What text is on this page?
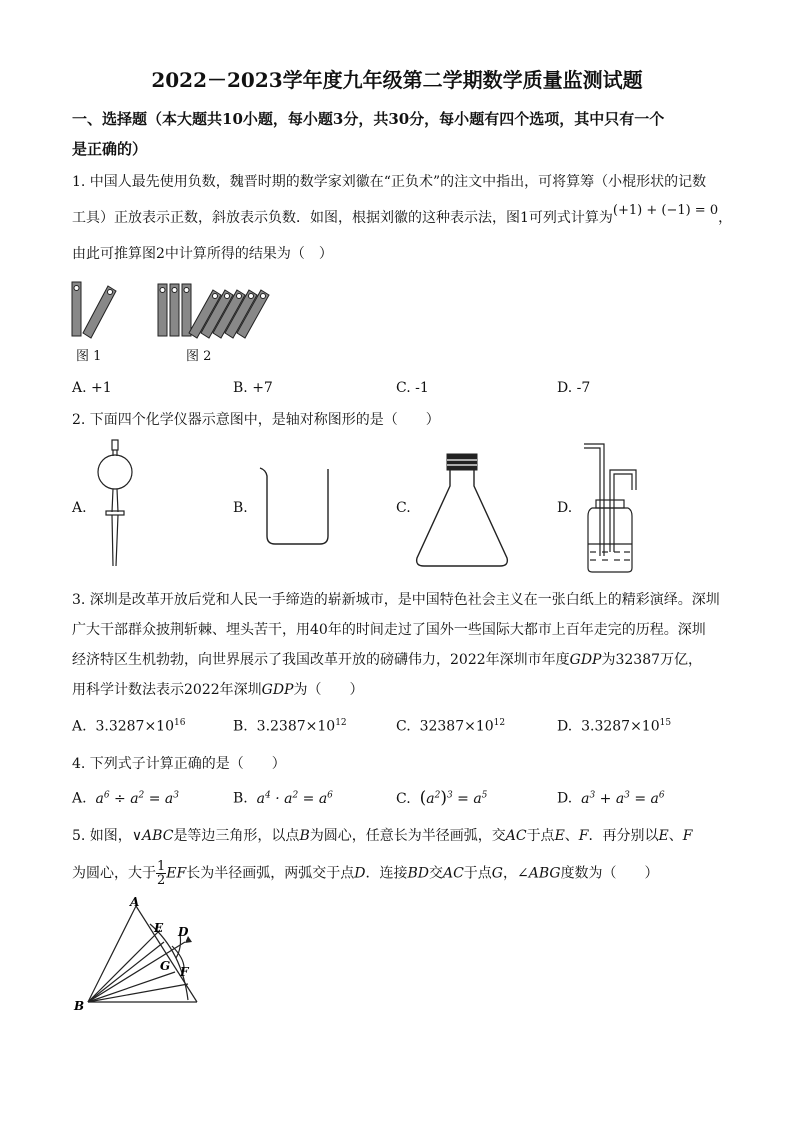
2022－2023学年度九年级第二学期数学质量监测试题
一、选择题（本大题共10小题，每小题3分，共30分，每小题有四个选项，其中只有一个
是正确的）
1. 中国人最先使用负数，魏晋时期的数学家刘徽在“正负术”的注文中指出，可将算筹（小棍形状的记数
工具）正放表示正数，斜放表示负数．如图，根据刘徽的这种表示法，图1可列式计算为(+1) + (−1) = 0，
由此可推算图2中计算所得的结果为（　）
图 1	图 2
A. +1	B. +7	C. -1	D. -7
2. 下面四个化学仪器示意图中，是轴对称图形的是（　　）
A.	B.	C.	D.
3. 深圳是改革开放后党和人民一手缔造的崭新城市，是中国特色社会主义在一张白纸上的精彩演绎。深圳
广大干部群众披荆斩棘、埋头苦干，用40年的时间走过了国外一些国际大都市上百年走完的历程。深圳
经济特区生机勃勃，向世界展示了我国改革开放的磅礴伟力，2022年深圳市年度GDP为32387万亿，
用科学计数法表示2022年深圳GDP为（　　）
A. $3.3287\times 10^{16}$	B. $3.2387\times 10^{12}$	C. $32387\times 10^{12}$	D. $3.3287\times 10^{15}$
4. 下列式子计算正确的是（　　）
A. $a^6 \div a^2 = a^3$	B. $a^4 \cdot a^2 = a^6$	C. $(a^2)^3 = a^5$	D. $a^3 + a^3 = a^6$
5. 如图，∨ABC是等边三角形，以点B为圆心，任意长为半径画弧，交AC于点E、F．再分别以E、F
为圆心，大于 $\frac{1}{2}$ EF长为半径画弧，两弧交于点D．连接BD交AC于点G，∠ABG度数为（　　）
A
E D
G F
B
